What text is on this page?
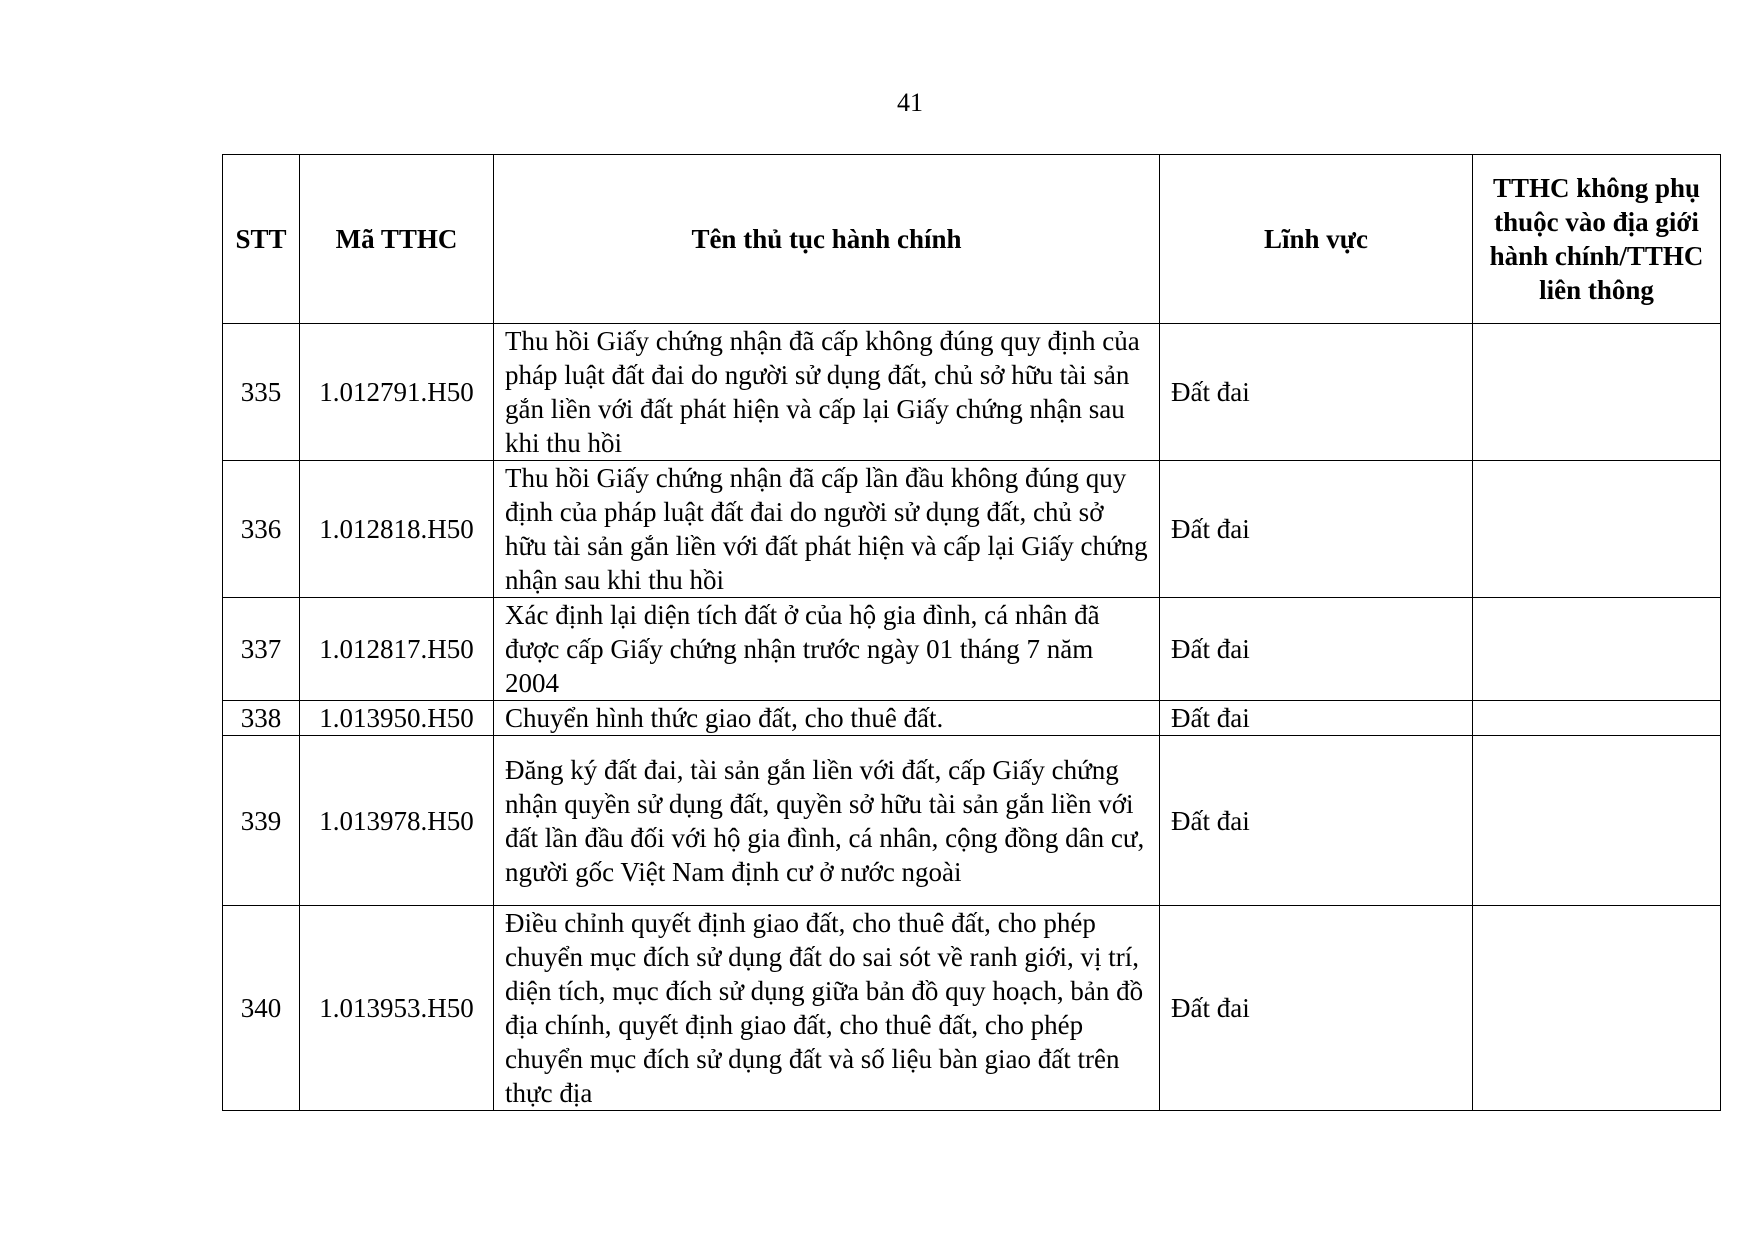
41
STT	Mã TTHC	Tên thủ tục hành chính	Lĩnh vực	TTHC không phụ thuộc vào địa giới hành chính/TTHC liên thông
335	1.012791.H50	Thu hồi Giấy chứng nhận đã cấp không đúng quy định của pháp luật đất đai do người sử dụng đất, chủ sở hữu tài sản gắn liền với đất phát hiện và cấp lại Giấy chứng nhận sau khi thu hồi	Đất đai	
336	1.012818.H50	Thu hồi Giấy chứng nhận đã cấp lần đầu không đúng quy định của pháp luật đất đai do người sử dụng đất, chủ sở hữu tài sản gắn liền với đất phát hiện và cấp lại Giấy chứng nhận sau khi thu hồi	Đất đai	
337	1.012817.H50	Xác định lại diện tích đất ở của hộ gia đình, cá nhân đã được cấp Giấy chứng nhận trước ngày 01 tháng 7 năm 2004	Đất đai	
338	1.013950.H50	Chuyển hình thức giao đất, cho thuê đất.	Đất đai	
339	1.013978.H50	Đăng ký đất đai, tài sản gắn liền với đất, cấp Giấy chứng nhận quyền sử dụng đất, quyền sở hữu tài sản gắn liền với đất lần đầu đối với hộ gia đình, cá nhân, cộng đồng dân cư, người gốc Việt Nam định cư ở nước ngoài	Đất đai	
340	1.013953.H50	Điều chỉnh quyết định giao đất, cho thuê đất, cho phép chuyển mục đích sử dụng đất do sai sót về ranh giới, vị trí, diện tích, mục đích sử dụng giữa bản đồ quy hoạch, bản đồ địa chính, quyết định giao đất, cho thuê đất, cho phép chuyển mục đích sử dụng đất và số liệu bàn giao đất trên thực địa	Đất đai	
